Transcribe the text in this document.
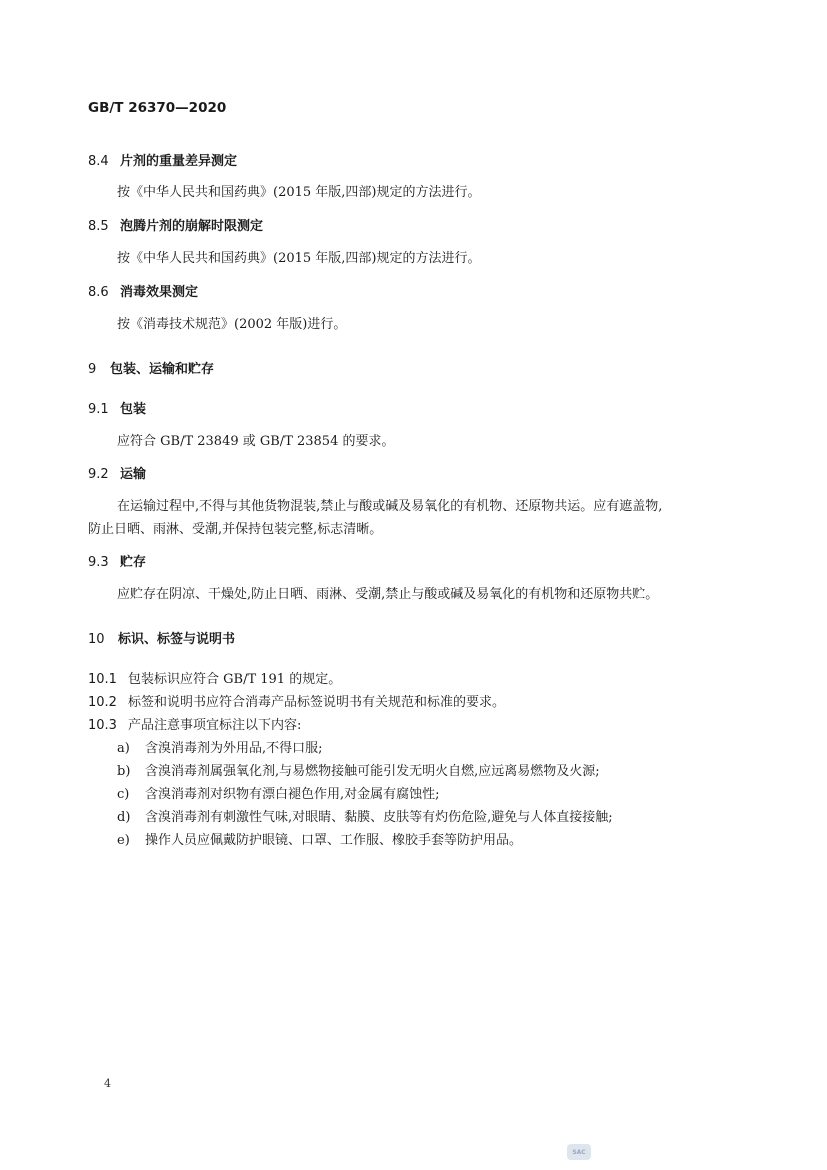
GB/T 26370—2020
8.4 片剂的重量差异测定
按《中华人民共和国药典》(2015 年版,四部)规定的方法进行。
8.5 泡腾片剂的崩解时限测定
按《中华人民共和国药典》(2015 年版,四部)规定的方法进行。
8.6 消毒效果测定
按《消毒技术规范》(2002 年版)进行。
9 包装、运输和贮存
9.1 包装
应符合 GB/T 23849 或 GB/T 23854 的要求。
9.2 运输
在运输过程中,不得与其他货物混装,禁止与酸或碱及易氧化的有机物、还原物共运。应有遮盖物,
防止日晒、雨淋、受潮,并保持包装完整,标志清晰。
9.3 贮存
应贮存在阴凉、干燥处,防止日晒、雨淋、受潮,禁止与酸或碱及易氧化的有机物和还原物共贮。
10 标识、标签与说明书
10.1 包装标识应符合 GB/T 191 的规定。
10.2 标签和说明书应符合消毒产品标签说明书有关规范和标准的要求。
10.3 产品注意事项宜标注以下内容:
a) 含溴消毒剂为外用品,不得口服;
b) 含溴消毒剂属强氧化剂,与易燃物接触可能引发无明火自燃,应远离易燃物及火源;
c) 含溴消毒剂对织物有漂白褪色作用,对金属有腐蚀性;
d) 含溴消毒剂有刺激性气味,对眼睛、黏膜、皮肤等有灼伤危险,避免与人体直接接触;
e) 操作人员应佩戴防护眼镜、口罩、工作服、橡胶手套等防护用品。
4
SAC
